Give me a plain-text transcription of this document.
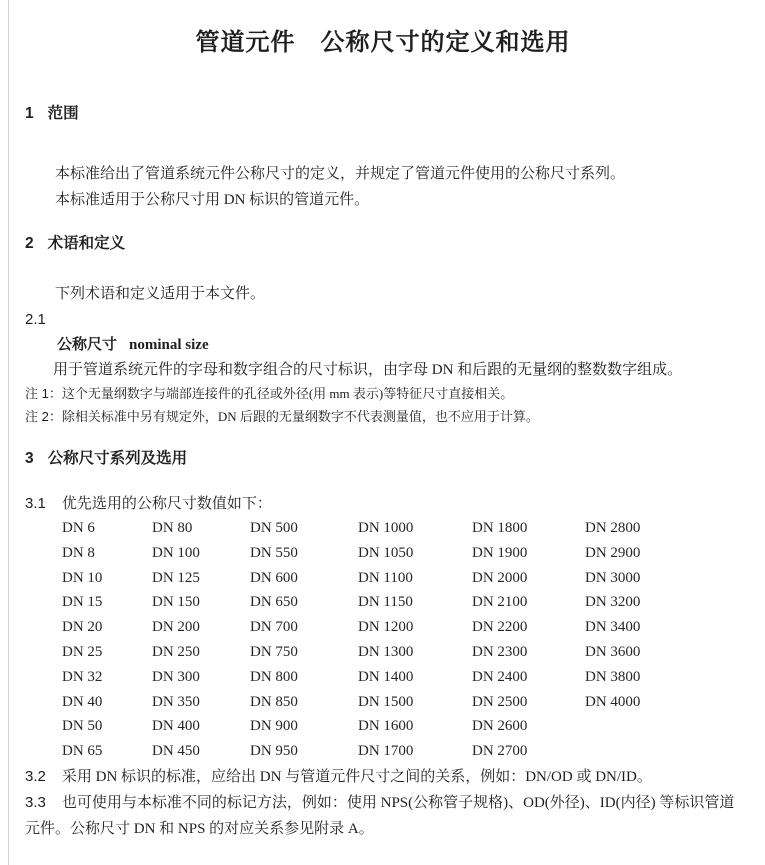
管道元件　公称尺寸的定义和选用
1 范围

本标准给出了管道系统元件公称尺寸的定义，并规定了管道元件使用的公称尺寸系列。

本标准适用于公称尺寸用 DN 标识的管道元件。

2 术语和定义

下列术语和定义适用于本文件。

2.1

公称尺寸 nominal size

用于管道系统元件的字母和数字组合的尺寸标识，由字母 DN 和后跟的无量纲的整数数字组成。

注 1：这个无量纲数字与端部连接件的孔径或外径(用 mm 表示)等特征尺寸直接相关。

注 2：除相关标准中另有规定外，DN 后跟的无量纲数字不代表测量值，也不应用于计算。

3 公称尺寸系列及选用

3.1 优先选用的公称尺寸数值如下：

DN 6	DN 80	DN 500	DN 1000	DN 1800	DN 2800
DN 8	DN 100	DN 550	DN 1050	DN 1900	DN 2900
DN 10	DN 125	DN 600	DN 1100	DN 2000	DN 3000
DN 15	DN 150	DN 650	DN 1150	DN 2100	DN 3200
DN 20	DN 200	DN 700	DN 1200	DN 2200	DN 3400
DN 25	DN 250	DN 750	DN 1300	DN 2300	DN 3600
DN 32	DN 300	DN 800	DN 1400	DN 2400	DN 3800
DN 40	DN 350	DN 850	DN 1500	DN 2500	DN 4000
DN 50	DN 400	DN 900	DN 1600	DN 2600
DN 65	DN 450	DN 950	DN 1700	DN 2700

3.2 采用 DN 标识的标准，应给出 DN 与管道元件尺寸之间的关系，例如：DN/OD 或 DN/ID。

3.3 也可使用与本标准不同的标记方法，例如：使用 NPS(公称管子规格)、OD(外径)、ID(内径) 等标识管道元件。公称尺寸 DN 和 NPS 的对应关系参见附录 A。
